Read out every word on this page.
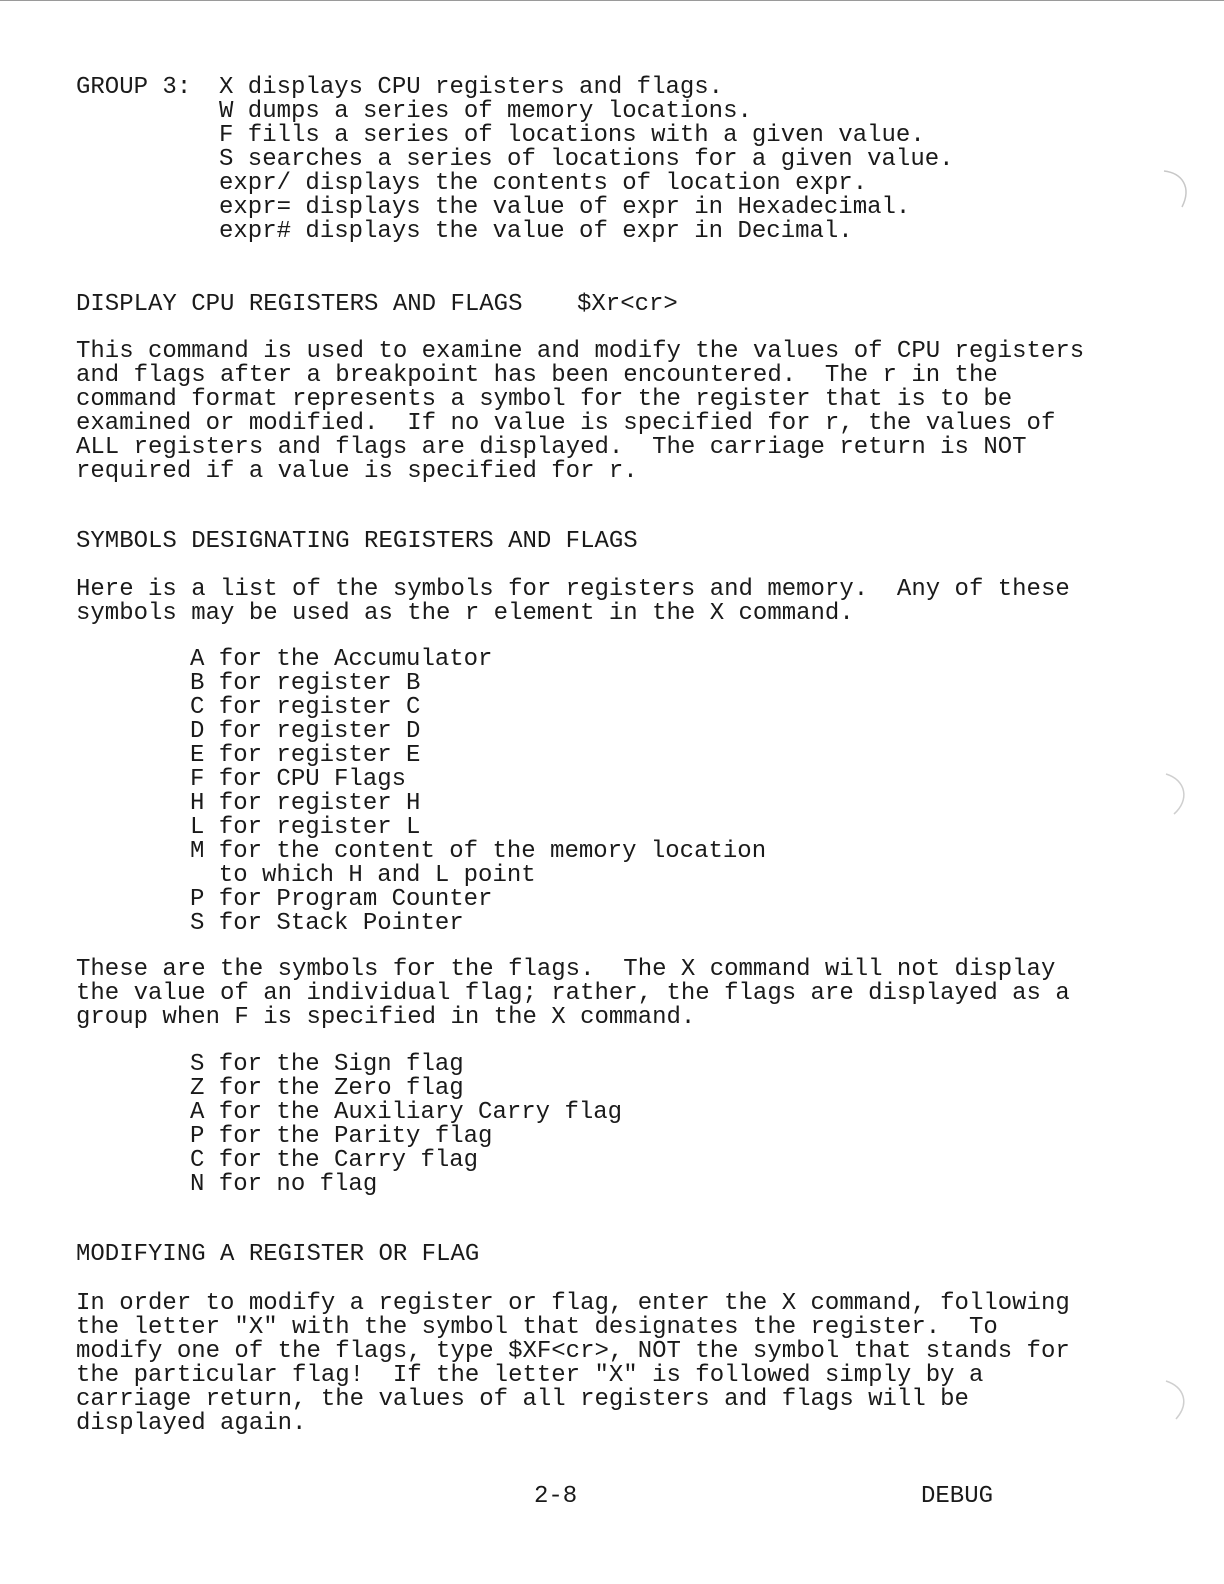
GROUP 3: X displays CPU registers and flags.
W dumps a series of memory locations.
F fills a series of locations with a given value.
S searches a series of locations for a given value.
expr/ displays the contents of location expr.
expr= displays the value of expr in Hexadecimal.
expr# displays the value of expr in Decimal.
DISPLAY CPU REGISTERS AND FLAGS $Xr<cr>
This command is used to examine and modify the values of CPU registers
and flags after a breakpoint has been encountered.  The r in the
command format represents a symbol for the register that is to be
examined or modified.  If no value is specified for r, the values of
ALL registers and flags are displayed.  The carriage return is NOT
required if a value is specified for r.
SYMBOLS DESIGNATING REGISTERS AND FLAGS
Here is a list of the symbols for registers and memory.  Any of these
symbols may be used as the r element in the X command.
A for the Accumulator
B for register B
C for register C
D for register D
E for register E
F for CPU Flags
H for register H
L for register L
M for the content of the memory location
to which H and L point
P for Program Counter
S for Stack Pointer
These are the symbols for the flags.  The X command will not display
the value of an individual flag; rather, the flags are displayed as a
group when F is specified in the X command.
S for the Sign flag
Z for the Zero flag
A for the Auxiliary Carry flag
P for the Parity flag
C for the Carry flag
N for no flag
MODIFYING A REGISTER OR FLAG
In order to modify a register or flag, enter the X command, following
the letter "X" with the symbol that designates the register.  To
modify one of the flags, type $XF<cr>, NOT the symbol that stands for
the particular flag!  If the letter "X" is followed simply by a
carriage return, the values of all registers and flags will be
displayed again.
2-8	DEBUG
